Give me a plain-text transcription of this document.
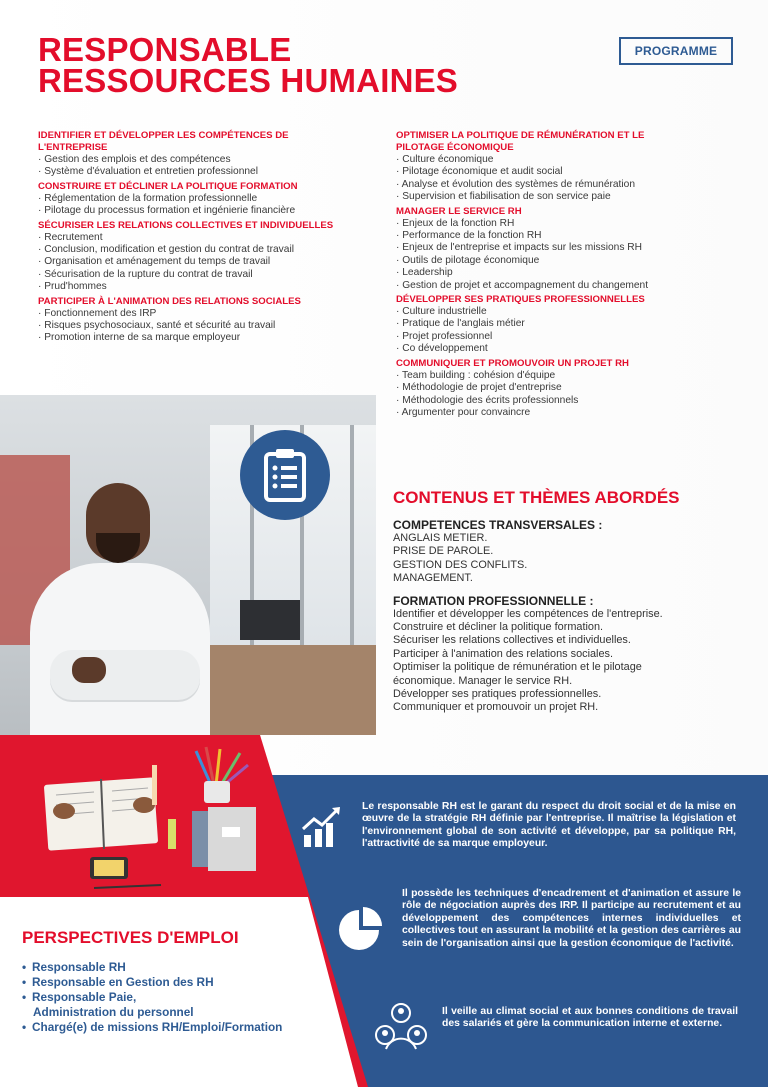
RESPONSABLE
RESSOURCES HUMAINES
PROGRAMME
IDENTIFIER ET DÉVELOPPER LES COMPÉTENCES DE L'ENTREPRISE
· Gestion des emplois et des compétences
· Système d'évaluation et entretien professionnel
CONSTRUIRE ET DÉCLINER LA POLITIQUE FORMATION
· Réglementation de la formation professionnelle
· Pilotage du processus formation et ingénierie financière
SÉCURISER LES RELATIONS COLLECTIVES ET INDIVIDUELLES
· Recrutement
· Conclusion, modification et gestion du contrat de travail
· Organisation et aménagement du temps de travail
· Sécurisation de la rupture du contrat de travail
· Prud'hommes
PARTICIPER À L'ANIMATION DES RELATIONS SOCIALES
· Fonctionnement des IRP
· Risques psychosociaux, santé et sécurité au travail
· Promotion interne de sa marque employeur
OPTIMISER LA POLITIQUE DE RÉMUNÉRATION ET LE PILOTAGE ÉCONOMIQUE
· Culture économique
· Pilotage économique et audit social
· Analyse et évolution des systèmes de rémunération
· Supervision et fiabilisation de son service paie
MANAGER LE SERVICE RH
· Enjeux de la fonction RH
· Performance de la fonction RH
· Enjeux de l'entreprise et impacts sur les missions RH
· Outils de pilotage économique
· Leadership
· Gestion de projet et accompagnement du changement
DÉVELOPPER SES PRATIQUES PROFESSIONNELLES
· Culture industrielle
· Pratique de l'anglais métier
· Projet professionnel
· Co développement
COMMUNIQUER ET PROMOUVOIR UN PROJET RH
· Team building : cohésion d'équipe
· Méthodologie de projet d'entreprise
· Méthodologie des écrits professionnels
· Argumenter pour convaincre
CONTENUS ET THÈMES ABORDÉS
COMPETENCES TRANSVERSALES :
ANGLAIS METIER.
PRISE DE PAROLE.
GESTION DES CONFLITS.
MANAGEMENT.
FORMATION PROFESSIONNELLE :
Identifier et développer les compétences de l'entreprise.
Construire et décliner la politique formation.
Sécuriser les relations collectives et individuelles.
Participer à l'animation des relations sociales.
Optimiser la politique de rémunération et le pilotage
économique. Manager le service RH.
Développer ses pratiques professionnelles.
Communiquer et promouvoir un projet RH.
PERSPECTIVES D'EMPLOI
• Responsable RH
• Responsable en Gestion des RH
• Responsable Paie,
Administration du personnel
• Chargé(e) de missions RH/Emploi/Formation

Le responsable RH est le garant du respect du droit social et de la mise en œuvre de la stratégie RH définie par l'entreprise. Il maîtrise la législation et l'environnement global de son activité et développe, par sa politique RH, l'attractivité de sa marque employeur.

Il possède les techniques d'encadrement et d'animation et assure le rôle de négociation auprès des IRP. Il participe au recrutement et au développement des compétences internes individuelles et collectives tout en assurant la mobilité et la gestion des carrières au sein de l'organisation ainsi que la gestion économique de l'activité.

Il veille au climat social et aux bonnes conditions de travail des salariés et gère la communication interne et externe.
